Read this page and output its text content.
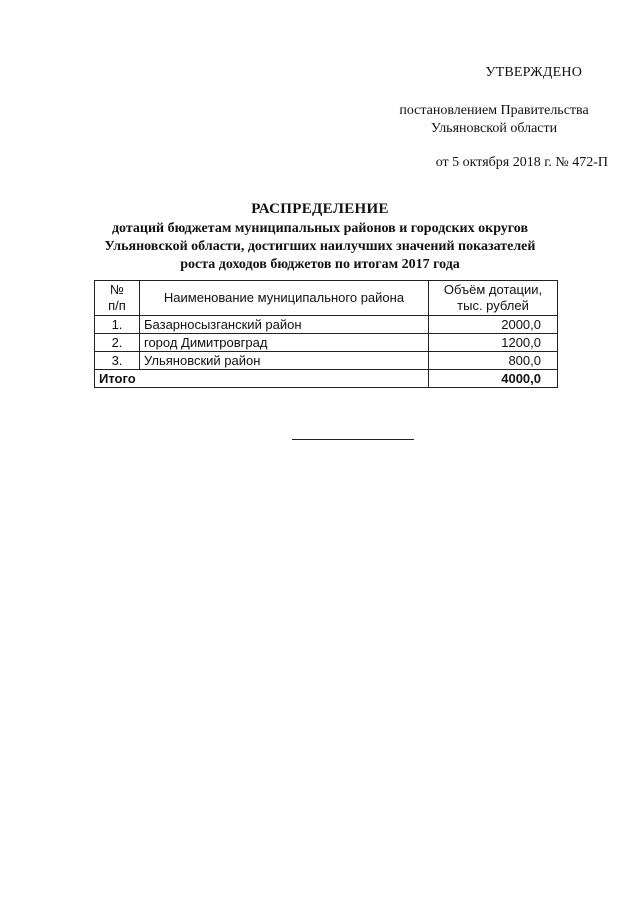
УТВЕРЖДЕНО
постановлением Правительства
Ульяновской области
от 5 октября 2018 г. № 472-П
РАСПРЕДЕЛЕНИЕ
дотаций бюджетам муниципальных районов и городских округов
Ульяновской области, достигших наилучших значений показателей
роста доходов бюджетов по итогам 2017 года
№
п/п	Наименование муниципального района	Объём дотации,
тыс. рублей
1.	Базарносызганский район	2000,0
2.	город Димитровград	1200,0
3.	Ульяновский район	800,0
Итого		4000,0
